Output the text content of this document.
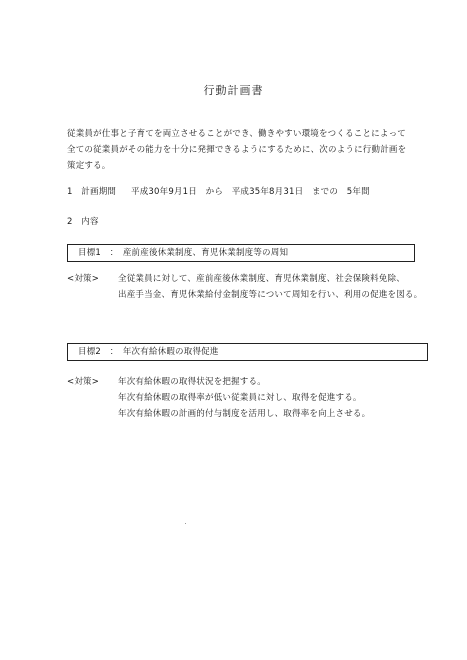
行動計画書
従業員が仕事と子育てを両立させることができ、働きやすい環境をつくることによって
全ての従業員がその能力を十分に発揮できるようにするために、次のように行動計画を
策定する。
1　計画期間 平成30年9月1日　から　平成35年8月31日　までの　5年間
2　内容
目標1　：　産前産後休業制度、育児休業制度等の周知
<対策> 全従業員に対して、産前産後休業制度、育児休業制度、社会保険料免除、
出産手当金、育児休業給付金制度等について周知を行い、利用の促進を図る。
目標2　：　年次有給休暇の取得促進
<対策> 年次有給休暇の取得状況を把握する。
年次有給休暇の取得率が低い従業員に対し、取得を促進する。
年次有給休暇の計画的付与制度を活用し、取得率を向上させる。
